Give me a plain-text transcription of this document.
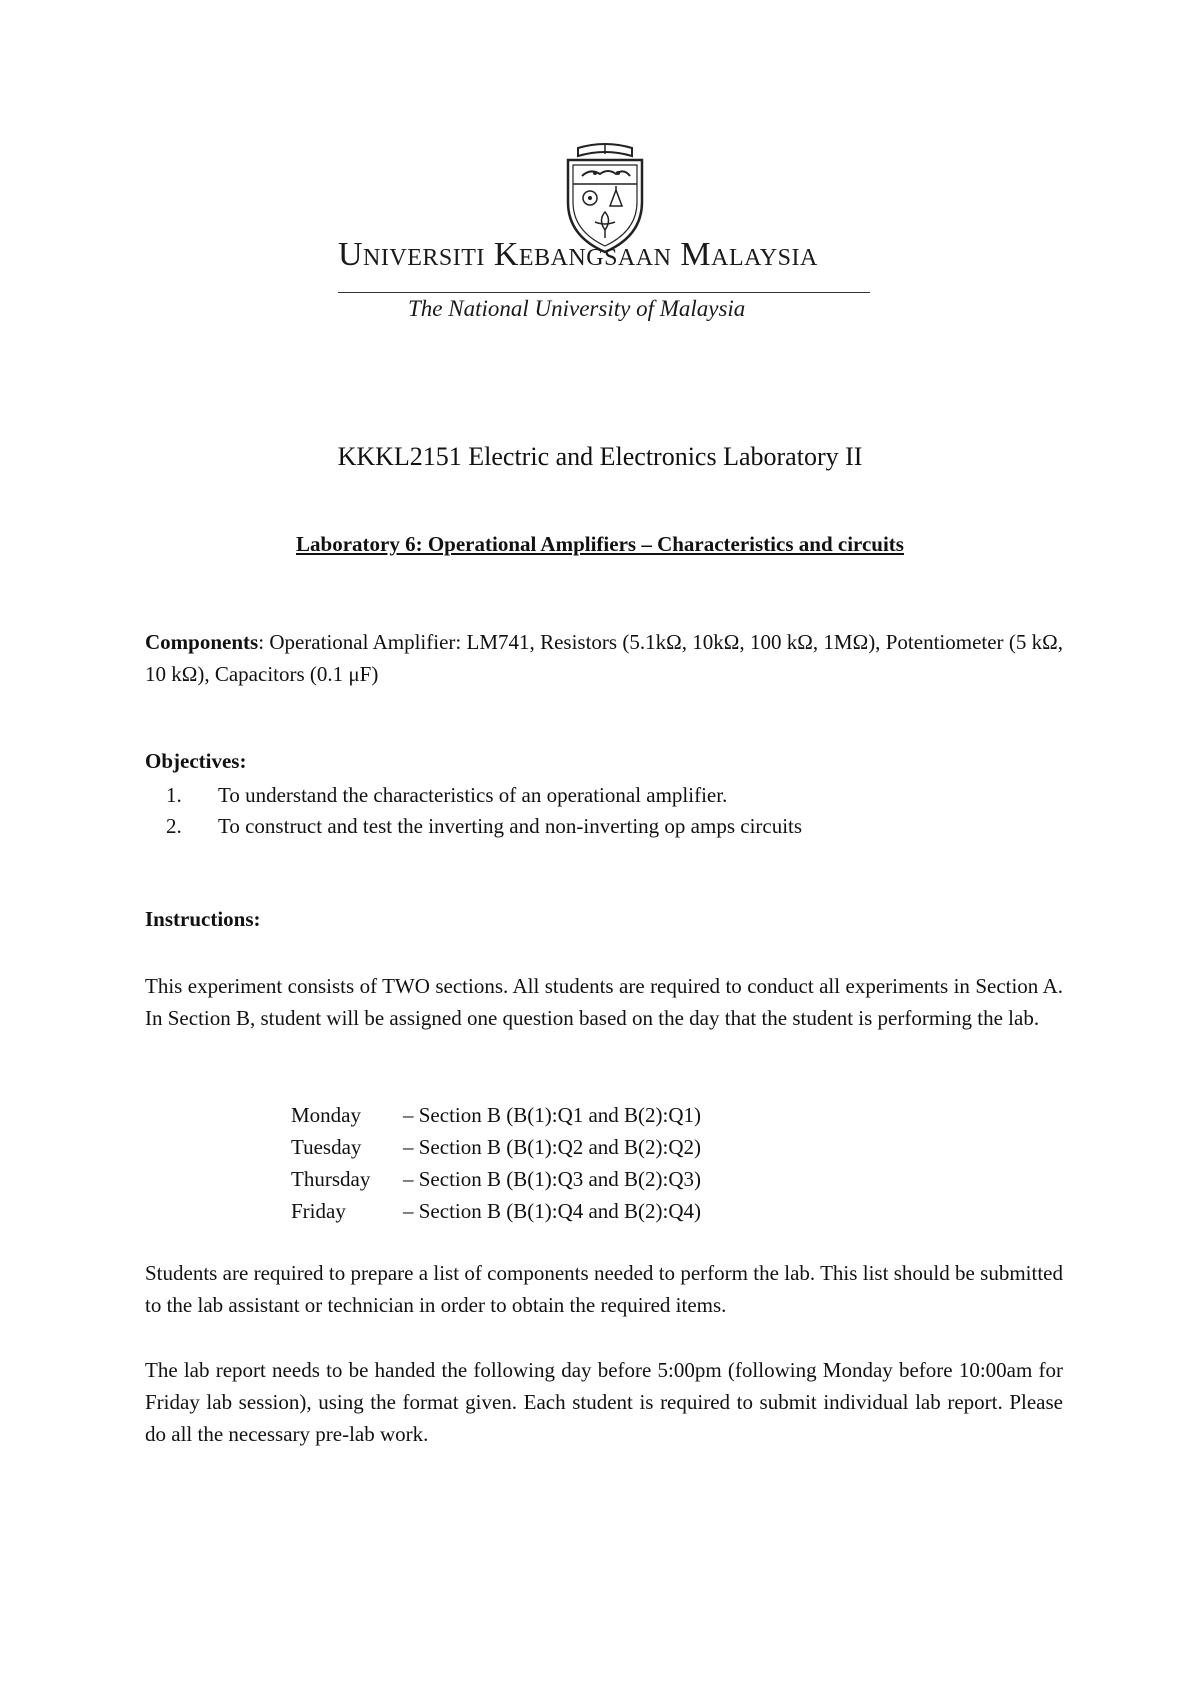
Universiti Kebangsaan Malaysia
The National University of Malaysia
KKKL2151 Electric and Electronics Laboratory II
Laboratory 6: Operational Amplifiers – Characteristics and circuits
Components: Operational Amplifier: LM741, Resistors (5.1kΩ, 10kΩ, 100 kΩ, 1MΩ), Potentiometer (5 kΩ, 10 kΩ), Capacitors (0.1 μF)
Objectives:
1. To understand the characteristics of an operational amplifier.
2. To construct and test the inverting and non-inverting op amps circuits
Instructions:
This experiment consists of TWO sections. All students are required to conduct all experiments in Section A. In Section B, student will be assigned one question based on the day that the student is performing the lab.
Monday – Section B (B(1):Q1 and B(2):Q1)
Tuesday – Section B (B(1):Q2 and B(2):Q2)
Thursday – Section B (B(1):Q3 and B(2):Q3)
Friday	– Section B (B(1):Q4 and B(2):Q4)
Students are required to prepare a list of components needed to perform the lab. This list should be submitted to the lab assistant or technician in order to obtain the required items.
The lab report needs to be handed the following day before 5:00pm (following Monday before 10:00am for Friday lab session), using the format given. Each student is required to submit individual lab report. Please do all the necessary pre-lab work.
